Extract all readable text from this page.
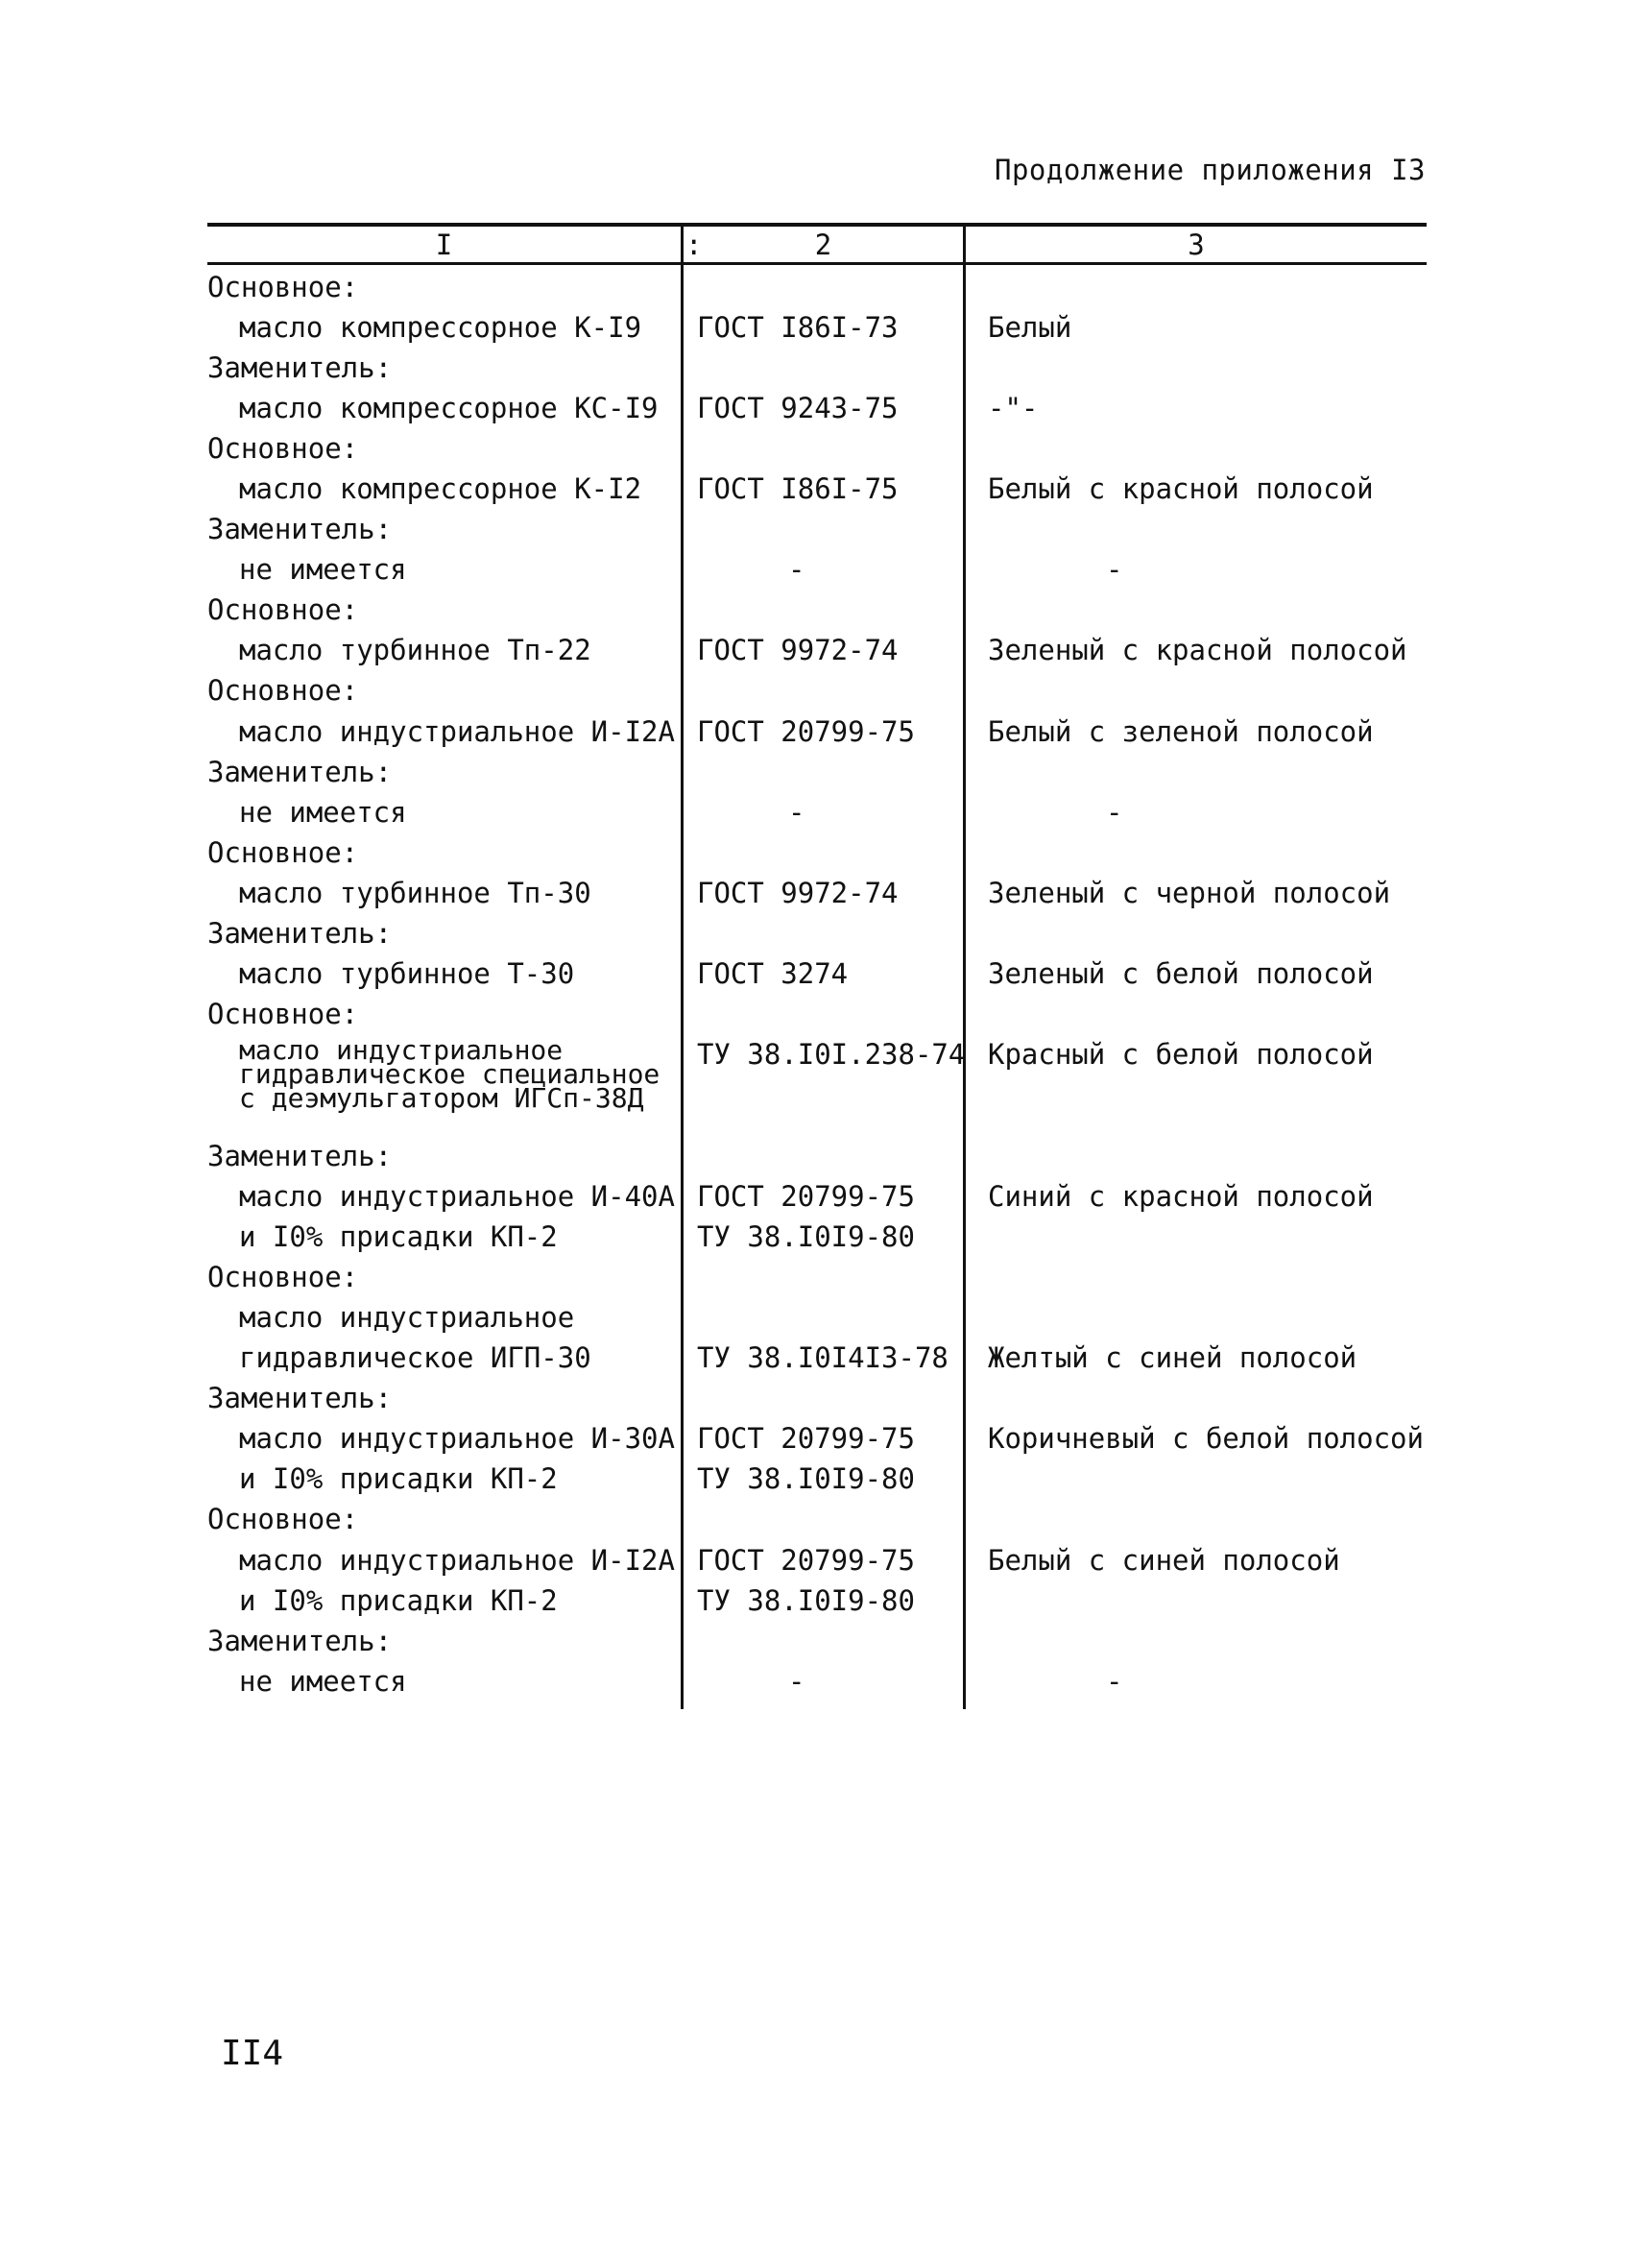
Продолжение приложения I3
I	:	2	3
Основное:
масло компрессорное К-I9 ГОСТ I86I-73	Белый
Заменитель:
масло компрессорное КС-I9 ГОСТ 9243-75	-"-
Основное:
масло компрессорное К-I2 ГОСТ I86I-75	Белый с красной полосой
Заменитель:
не имеется	-	-
Основное:
масло турбинное Тп-22	ГОСТ 9972-74	Зеленый с красной полосой
Основное:
масло индустриальное И-I2А ГОСТ 20799-75	Белый с зеленой полосой
Заменитель:
не имеется	-	-
Основное:
масло турбинное Тп-30	ГОСТ 9972-74	Зеленый с черной полосой
Заменитель:
масло турбинное Т-30	ГОСТ 3274	Зеленый с белой полосой
Основное:
масло индустриальное
гидравлическое специальное
с деэмульгатором ИГСп-38Д
ТУ 38.I0I.238-74 Красный с белой полосой
Заменитель:
масло индустриальное И-40А ГОСТ 20799-75	Синий с красной полосой
и I0% присадки КП-2	ТУ 38.I0I9-80
Основное:
масло индустриальное
гидравлическое ИГП-30	ТУ 38.I0I4I3-78 Желтый с синей полосой
Заменитель:
масло индустриальное И-30А ГОСТ 20799-75	Коричневый с белой полосой
и I0% присадки КП-2	ТУ 38.I0I9-80
Основное:
масло индустриальное И-I2А ГОСТ 20799-75	Белый с синей полосой
и I0% присадки КП-2	ТУ 38.I0I9-80
Заменитель:
не имеется	-	-
II4
